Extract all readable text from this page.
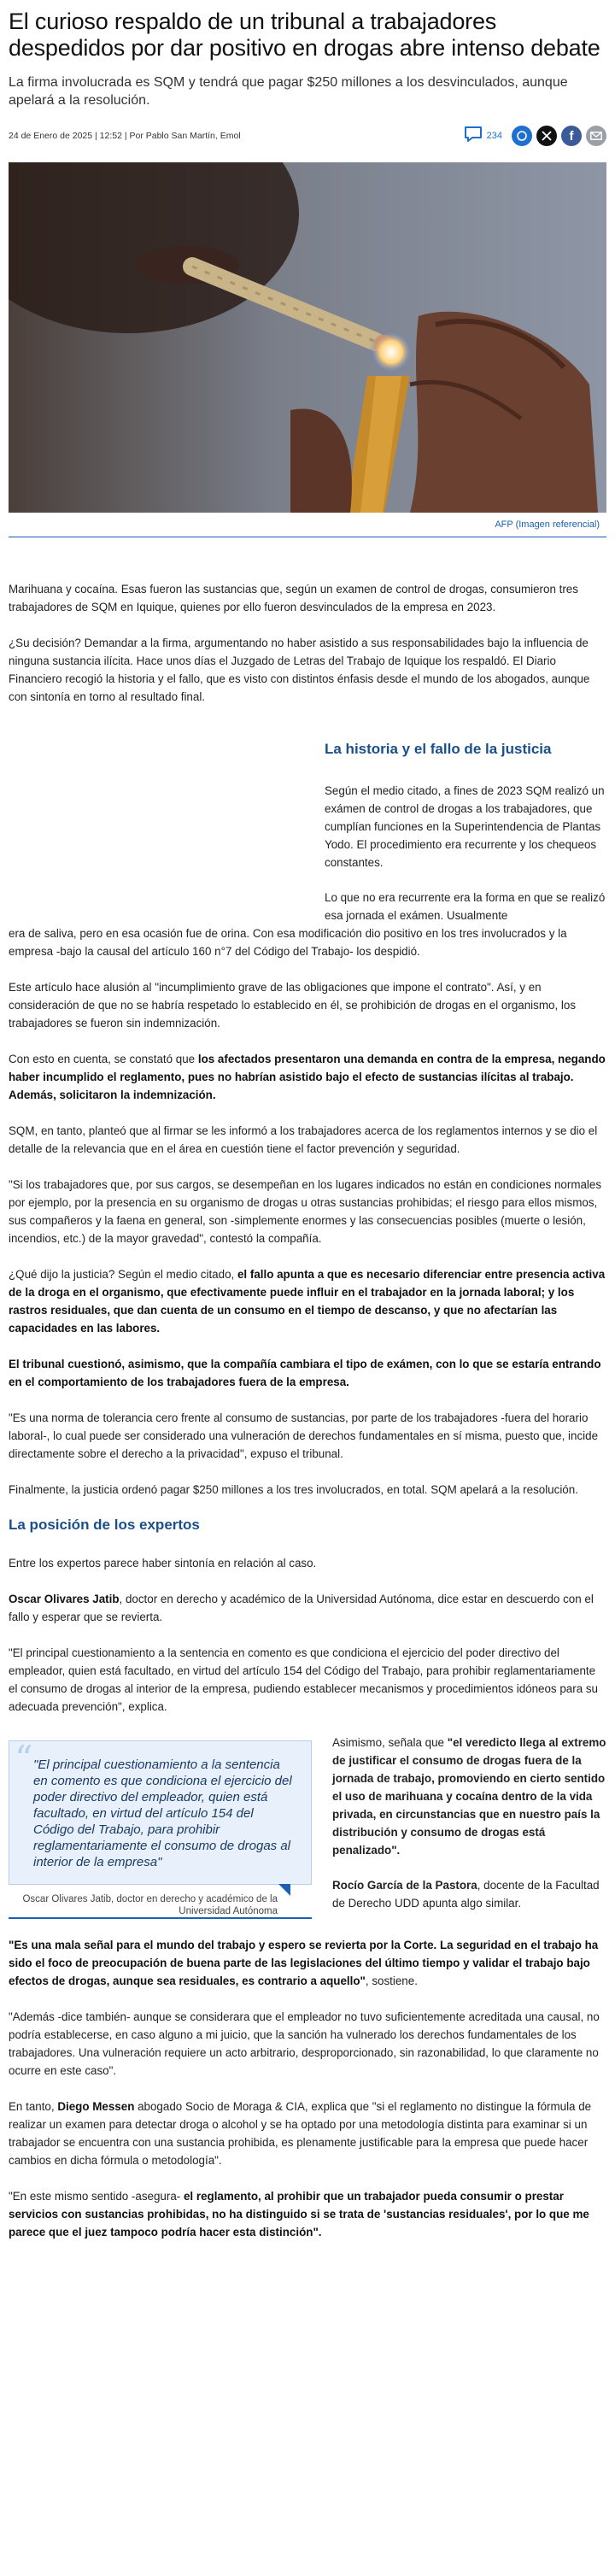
El curioso respaldo de un tribunal a trabajadores despedidos por dar positivo en drogas abre intenso debate
La firma involucrada es SQM y tendrá que pagar $250 millones a los desvinculados, aunque apelará a la resolución.
24 de Enero de 2025 | 12:52 | Por Pablo San Martín, Emol	234	f
AFP (Imagen referencial)

Marihuana y cocaína. Esas fueron las sustancias que, según un examen de control de drogas, consumieron tres trabajadores de SQM en Iquique, quienes por ello fueron desvinculados de la empresa en 2023.

¿Su decisión? Demandar a la firma, argumentando no haber asistido a sus responsabilidades bajo la influencia de ninguna sustancia ilícita. Hace unos días el Juzgado de Letras del Trabajo de Iquique los respaldó. El Diario Financiero recogió la historia y el fallo, que es visto con distintos énfasis desde el mundo de los abogados, aunque con sintonía en torno al resultado final.

La historia y el fallo de la justicia

Según el medio citado, a fines de 2023 SQM realizó un exámen de control de drogas a los trabajadores, que cumplían funciones en la Superintendencia de Plantas Yodo. El procedimiento era recurrente y los chequeos constantes.

Lo que no era recurrente era la forma en que se realizó esa jornada el exámen. Usualmente

era de saliva, pero en esa ocasión fue de orina. Con esa modificación dio positivo en los tres involucrados y la empresa -bajo la causal del artículo 160 n°7 del Código del Trabajo- los despidió.

Este artículo hace alusión al "incumplimiento grave de las obligaciones que impone el contrato". Así, y en consideración de que no se habría respetado lo establecido en él, se prohibición de drogas en el organismo, los trabajadores se fueron sin indemnización.

Con esto en cuenta, se constató que los afectados presentaron una demanda en contra de la empresa, negando haber incumplido el reglamento, pues no habrían asistido bajo el efecto de sustancias ilícitas al trabajo. Además, solicitaron la indemnización.

SQM, en tanto, planteó que al firmar se les informó a los trabajadores acerca de los reglamentos internos y se dio el detalle de la relevancia que en el área en cuestión tiene el factor prevención y seguridad.

"Si los trabajadores que, por sus cargos, se desempeñan en los lugares indicados no están en condiciones normales por ejemplo, por la presencia en su organismo de drogas u otras sustancias prohibidas; el riesgo para ellos mismos, sus compañeros y la faena en general, son -simplemente enormes y las consecuencias posibles (muerte o lesión, incendios, etc.) de la mayor gravedad", contestó la compañía.

¿Qué dijo la justicia? Según el medio citado, el fallo apunta a que es necesario diferenciar entre presencia activa de la droga en el organismo, que efectivamente puede influir en el trabajador en la jornada laboral; y los rastros residuales, que dan cuenta de un consumo en el tiempo de descanso, y que no afectarían las capacidades en las labores.

El tribunal cuestionó, asimismo, que la compañía cambiara el tipo de exámen, con lo que se estaría entrando en el comportamiento de los trabajadores fuera de la empresa.

"Es una norma de tolerancia cero frente al consumo de sustancias, por parte de los trabajadores -fuera del horario laboral-, lo cual puede ser considerado una vulneración de derechos fundamentales en sí misma, puesto que, incide directamente sobre el derecho a la privacidad", expuso el tribunal.

Finalmente, la justicia ordenó pagar $250 millones a los tres involucrados, en total. SQM apelará a la resolución.

La posición de los expertos

Entre los expertos parece haber sintonía en relación al caso.

Oscar Olivares Jatib, doctor en derecho y académico de la Universidad Autónoma, dice estar en descuerdo con el fallo y esperar que se revierta.

"El principal cuestionamiento a la sentencia en comento es que condiciona el ejercicio del poder directivo del empleador, quien está facultado, en virtud del artículo 154 del Código del Trabajo, para prohibir reglamentariamente el consumo de drogas al interior de la empresa, pudiendo establecer mecanismos y procedimientos idóneos para su adecuada prevención", explica.

“ "El principal cuestionamiento a la sentencia en comento es que condiciona el ejercicio del poder directivo del empleador, quien está facultado, en virtud del artículo 154 del Código del Trabajo, para prohibir reglamentariamente el consumo de drogas al interior de la empresa"
Oscar Olivares Jatib, doctor en derecho y académico de la Universidad Autónoma

Asimismo, señala que "el veredicto llega al extremo de justificar el consumo de drogas fuera de la jornada de trabajo, promoviendo en cierto sentido el uso de marihuana y cocaína dentro de la vida privada, en circunstancias que en nuestro país la distribución y consumo de drogas está penalizado".

Rocío García de la Pastora, docente de la Facultad de Derecho UDD apunta algo similar.

"Es una mala señal para el mundo del trabajo y espero se revierta por la Corte. La seguridad en el trabajo ha sido el foco de preocupación de buena parte de las legislaciones del último tiempo y validar el trabajo bajo efectos de drogas, aunque sea residuales, es contrario a aquello", sostiene.

"Además -dice también- aunque se considerara que el empleador no tuvo suficientemente acreditada una causal, no podría establecerse, en caso alguno a mi juicio, que la sanción ha vulnerado los derechos fundamentales de los trabajadores. Una vulneración requiere un acto arbitrario, desproporcionado, sin razonabilidad, lo que claramente no ocurre en este caso".

En tanto, Diego Messen abogado Socio de Moraga & CIA, explica que "si el reglamento no distingue la fórmula de realizar un examen para detectar droga o alcohol y se ha optado por una metodología distinta para examinar si un trabajador se encuentra con una sustancia prohibida, es plenamente justificable para la empresa que puede hacer cambios en dicha fórmula o metodología".

"En este mismo sentido -asegura- el reglamento, al prohibir que un trabajador pueda consumir o prestar servicios con sustancias prohibidas, no ha distinguido si se trata de 'sustancias residuales', por lo que me parece que el juez tampoco podría hacer esta distinción".
